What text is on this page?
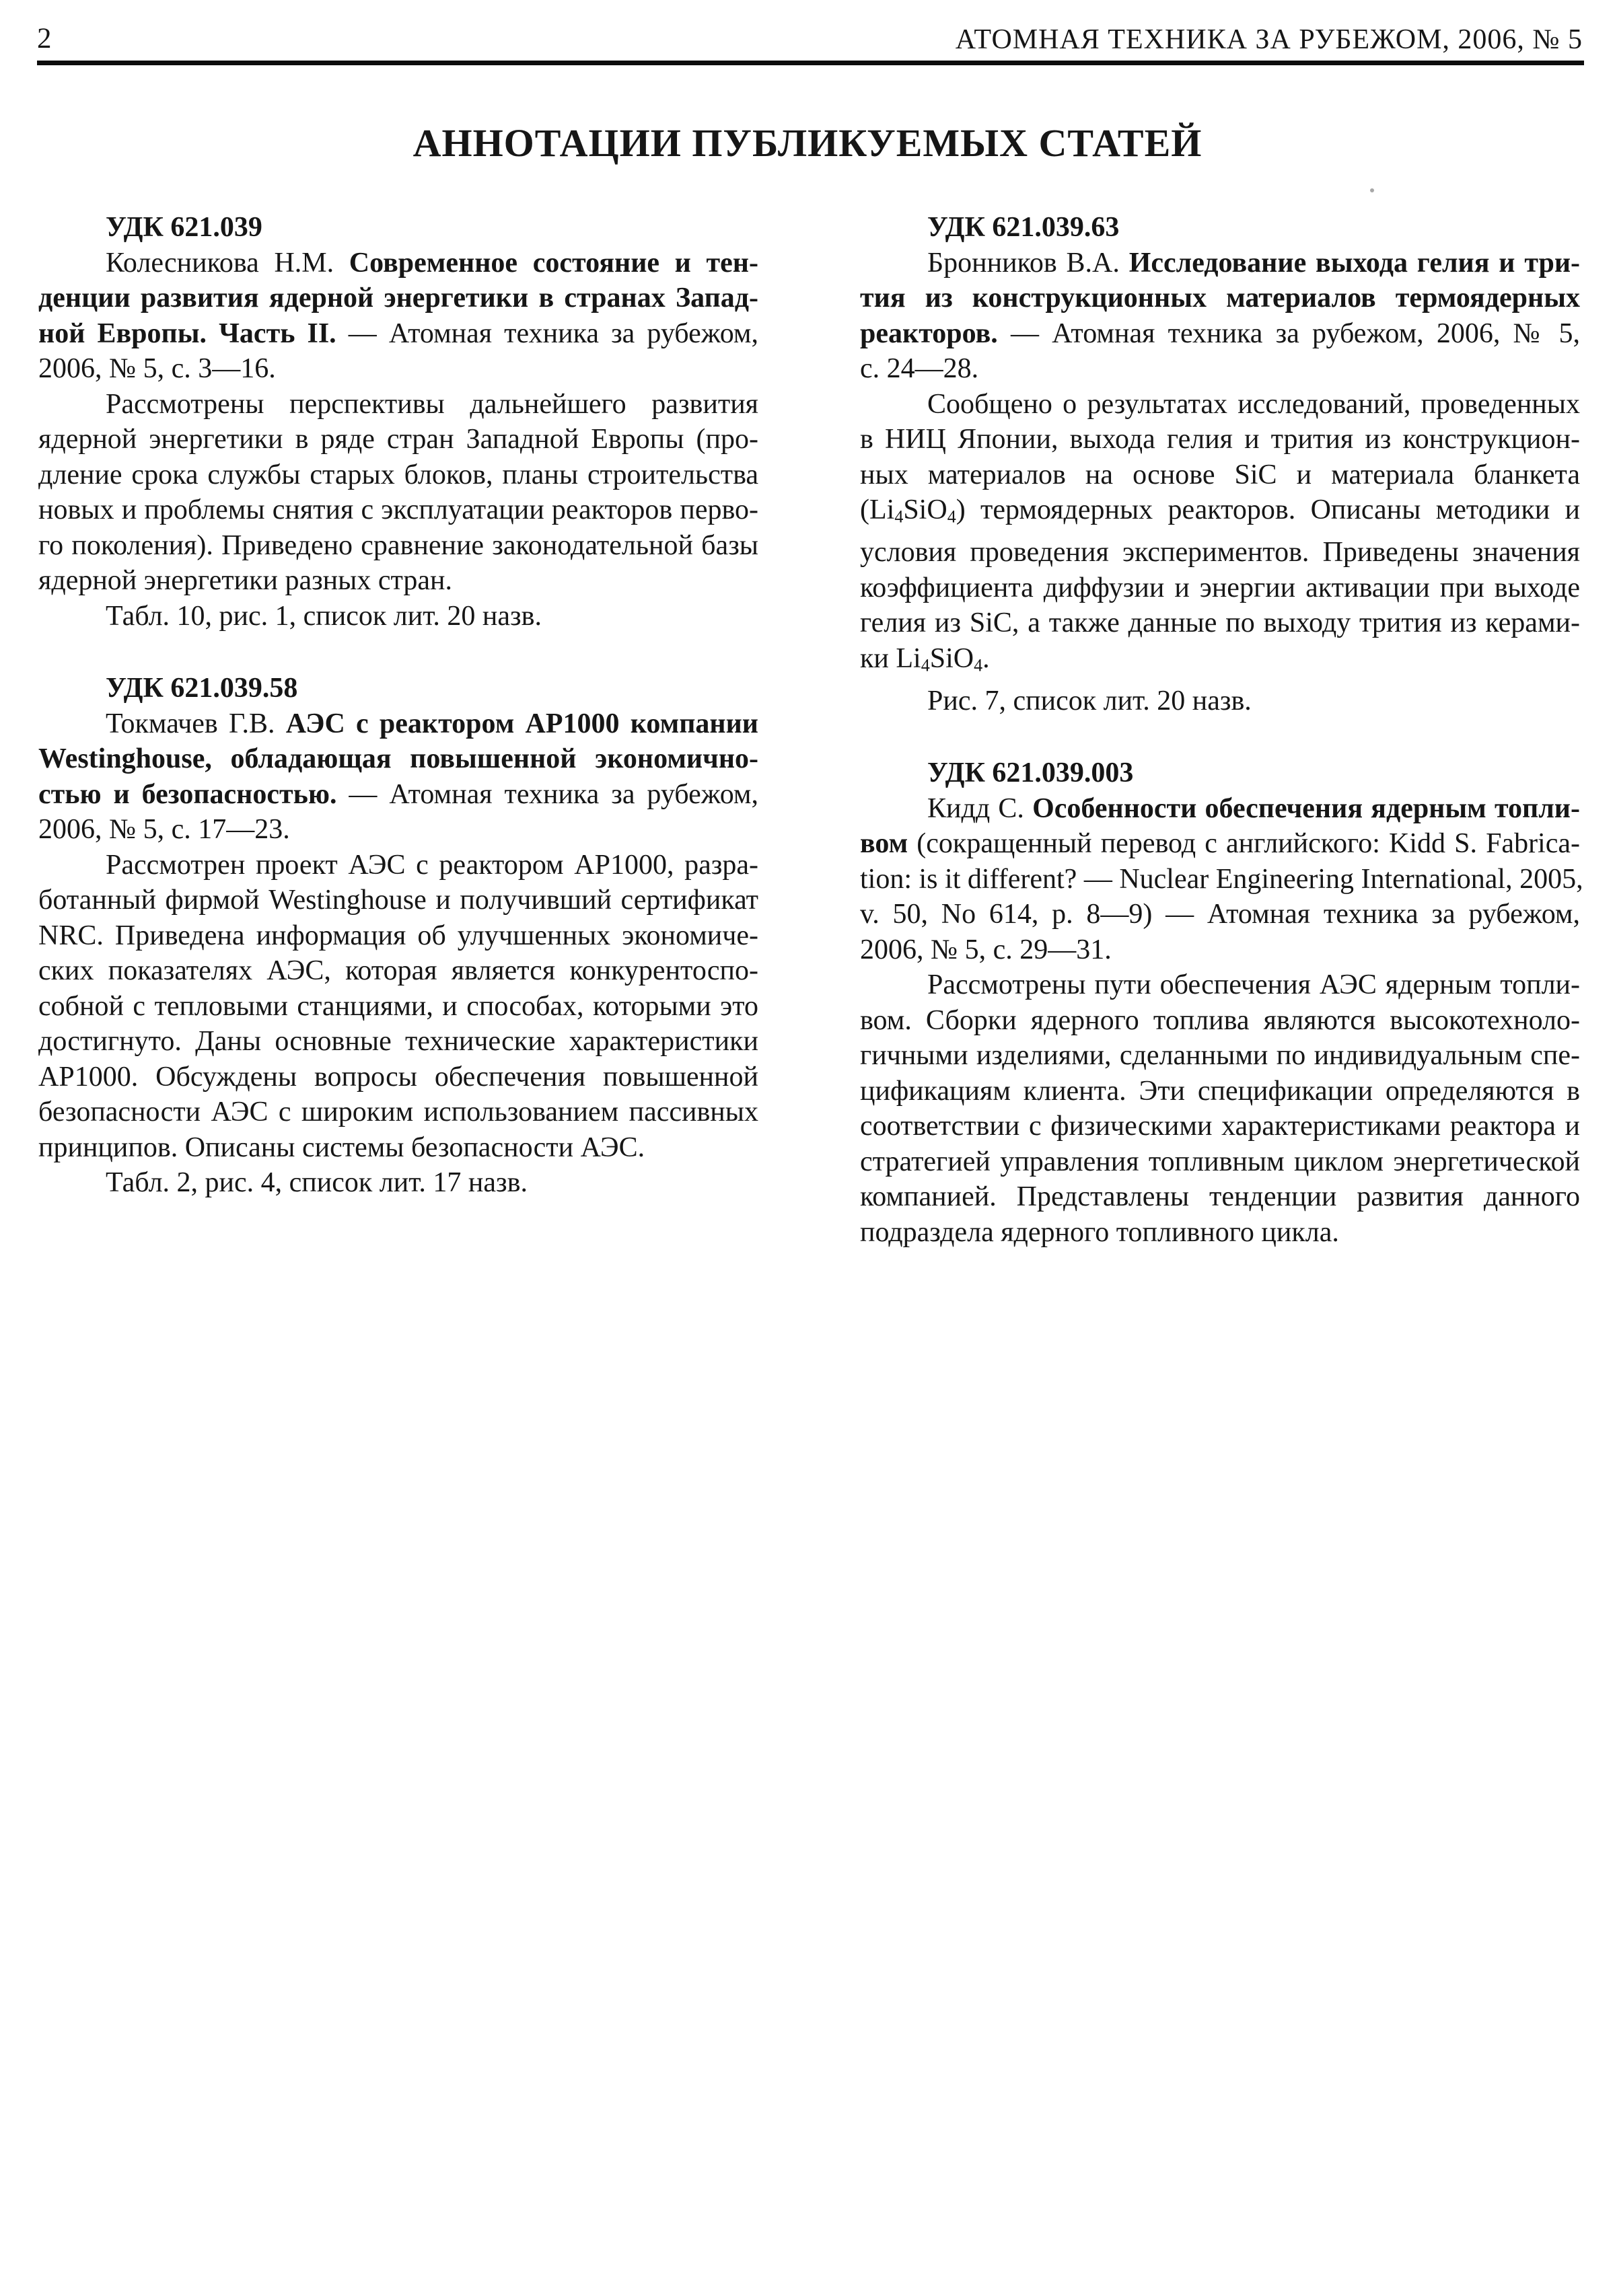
2	АТОМНАЯ ТЕХНИКА ЗА РУБЕЖОМ, 2006, № 5
АННОТАЦИИ ПУБЛИКУЕМЫХ СТАТЕЙ
УДК 621.039
Колесникова Н.М. Современное состояние и тен-
денции развития ядерной энергетики в странах Запад-
ной Европы. Часть II. — Атомная техника за рубежом,
2006, № 5, с. 3—16.
Рассмотрены перспективы дальнейшего развития
ядерной энергетики в ряде стран Западной Европы (про-
дление срока службы старых блоков, планы строительства
новых и проблемы снятия с эксплуатации реакторов перво-
го поколения). Приведено сравнение законодательной базы
ядерной энергетики разных стран.
Табл. 10, рис. 1, список лит. 20 назв.
УДК 621.039.58
Токмачев Г.В. АЭС с реактором АР1000 компании
Westinghouse, обладающая повышенной экономично-
стью и безопасностью. — Атомная техника за рубежом,
2006, № 5, с. 17—23.
Рассмотрен проект АЭС с реактором АР1000, разра-
ботанный фирмой Westinghouse и получивший сертификат
NRC. Приведена информация об улучшенных экономиче-
ских показателях АЭС, которая является конкурентоспо-
собной с тепловыми станциями, и способах, которыми это
достигнуто. Даны основные технические характеристики
АР1000. Обсуждены вопросы обеспечения повышенной
безопасности АЭС с широким использованием пассивных
принципов. Описаны системы безопасности АЭС.
Табл. 2, рис. 4, список лит. 17 назв.
УДК 621.039.63
Бронников В.А. Исследование выхода гелия и три-
тия из конструкционных материалов термоядерных
реакторов. — Атомная техника за рубежом, 2006, № 5,
с. 24—28.
Сообщено о результатах исследований, проведенных
в НИЦ Японии, выхода гелия и трития из конструкцион-
ных материалов на основе SiC и материала бланкета
$(Li_4SiO_4)$ термоядерных реакторов. Описаны методики и
условия проведения экспериментов. Приведены значения
коэффициента диффузии и энергии активации при выходе
гелия из SiC, а также данные по выходу трития из керами-
ки $Li_4SiO_4$.
Рис. 7, список лит. 20 назв.
УДК 621.039.003
Кидд С. Особенности обеспечения ядерным топли-
вом (сокращенный перевод с английского: Kidd S. Fabrica-
tion: is it different? — Nuclear Engineering International, 2005,
v. 50, No 614, p. 8—9) — Атомная техника за рубежом,
2006, № 5, с. 29—31.
Рассмотрены пути обеспечения АЭС ядерным топли-
вом. Сборки ядерного топлива являются высокотехноло-
гичными изделиями, сделанными по индивидуальным спе-
цификациям клиента. Эти спецификации определяются в
соответствии с физическими характеристиками реактора и
стратегией управления топливным циклом энергетической
компанией. Представлены тенденции развития данного
подраздела ядерного топливного цикла.
